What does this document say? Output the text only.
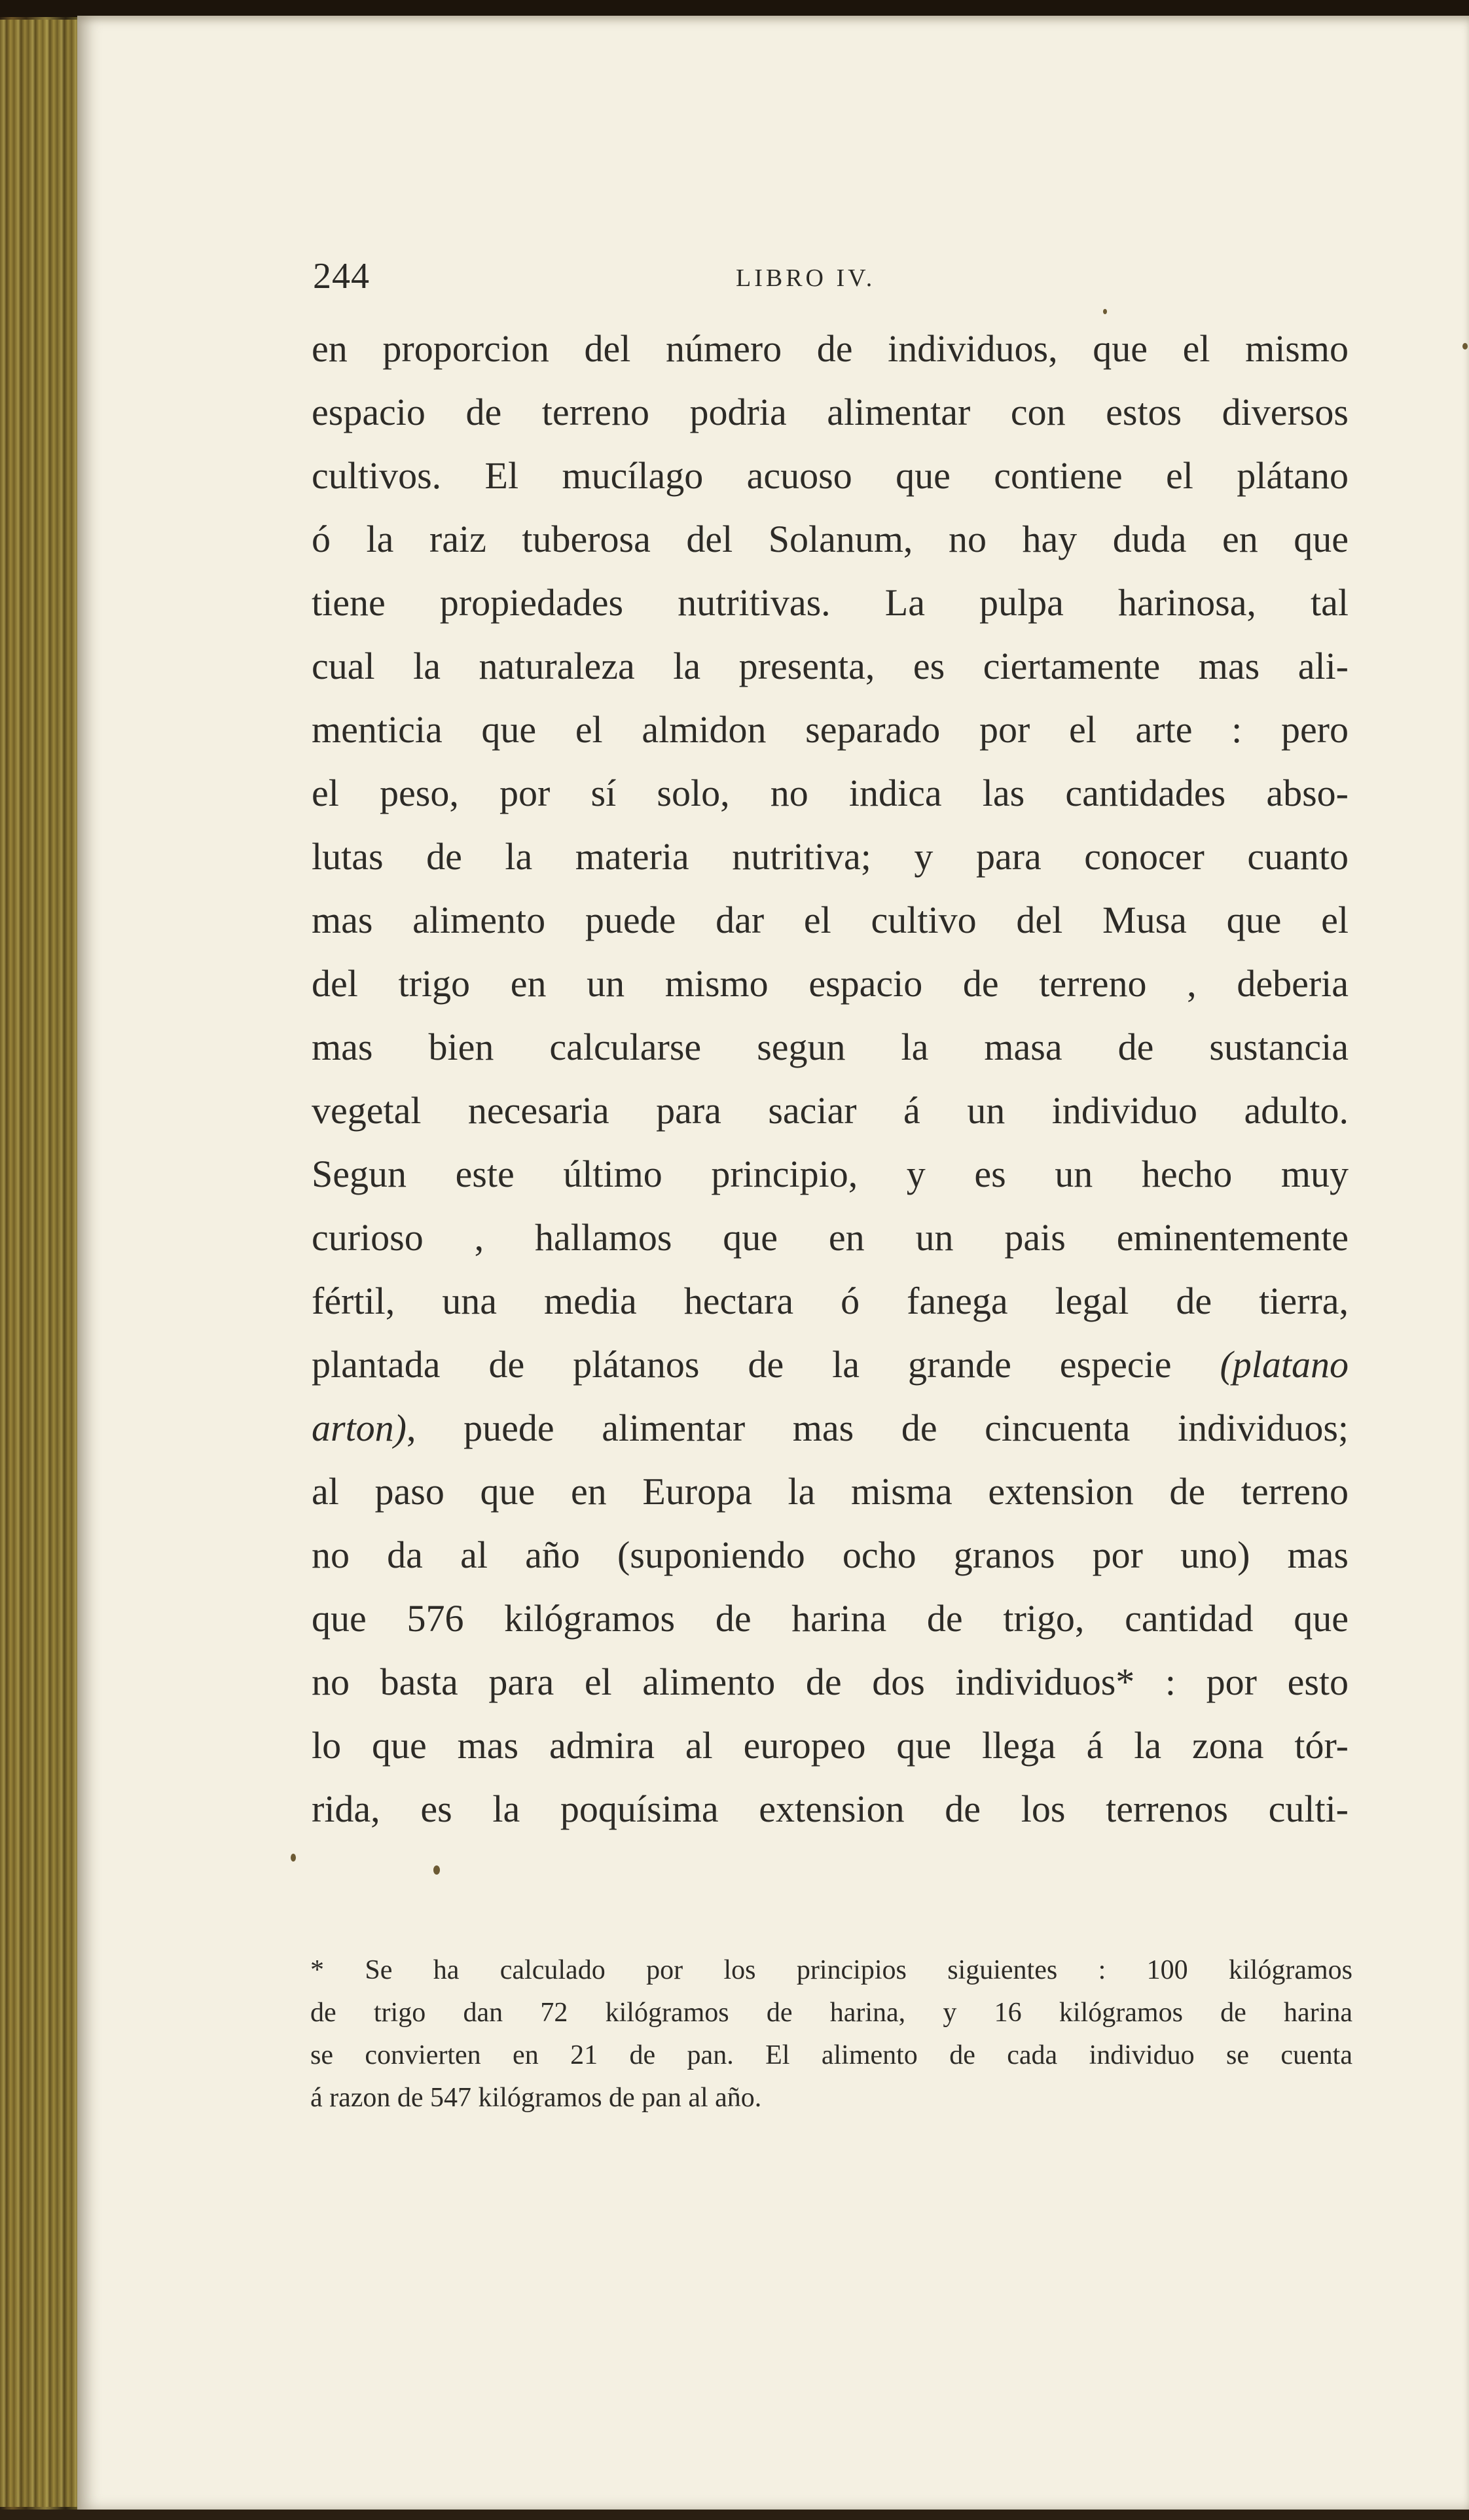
244	LIBRO IV.
en proporcion del número de individuos, que el mismo
espacio de terreno podria alimentar con estos diversos
cultivos. El mucílago acuoso que contiene el plátano
ó la raiz tuberosa del Solanum, no hay duda en que
tiene propiedades nutritivas. La pulpa harinosa, tal
cual la naturaleza la presenta, es ciertamente mas ali-
menticia que el almidon separado por el arte : pero
el peso, por sí solo, no indica las cantidades abso-
lutas de la materia nutritiva; y para conocer cuanto
mas alimento puede dar el cultivo del Musa que el
del trigo en un mismo espacio de terreno , deberia
mas bien calcularse segun la masa de sustancia
vegetal necesaria para saciar á un individuo adulto.
Segun este último principio, y es un hecho muy
curioso , hallamos que en un pais eminentemente
fértil, una media hectara ó fanega legal de tierra,
plantada de plátanos de la grande especie (platano
arton), puede alimentar mas de cincuenta individuos;
al paso que en Europa la misma extension de terreno
no da al año (suponiendo ocho granos por uno) mas
que 576 kilógramos de harina de trigo, cantidad que
no basta para el alimento de dos individuos* : por esto
lo que mas admira al europeo que llega á la zona tór-
rida, es la poquísima extension de los terrenos culti-
* Se ha calculado por los principios siguientes : 100 kilógramos
de trigo dan 72 kilógramos de harina, y 16 kilógramos de harina
se convierten en 21 de pan. El alimento de cada individuo se cuenta
á razon de 547 kilógramos de pan al año.
